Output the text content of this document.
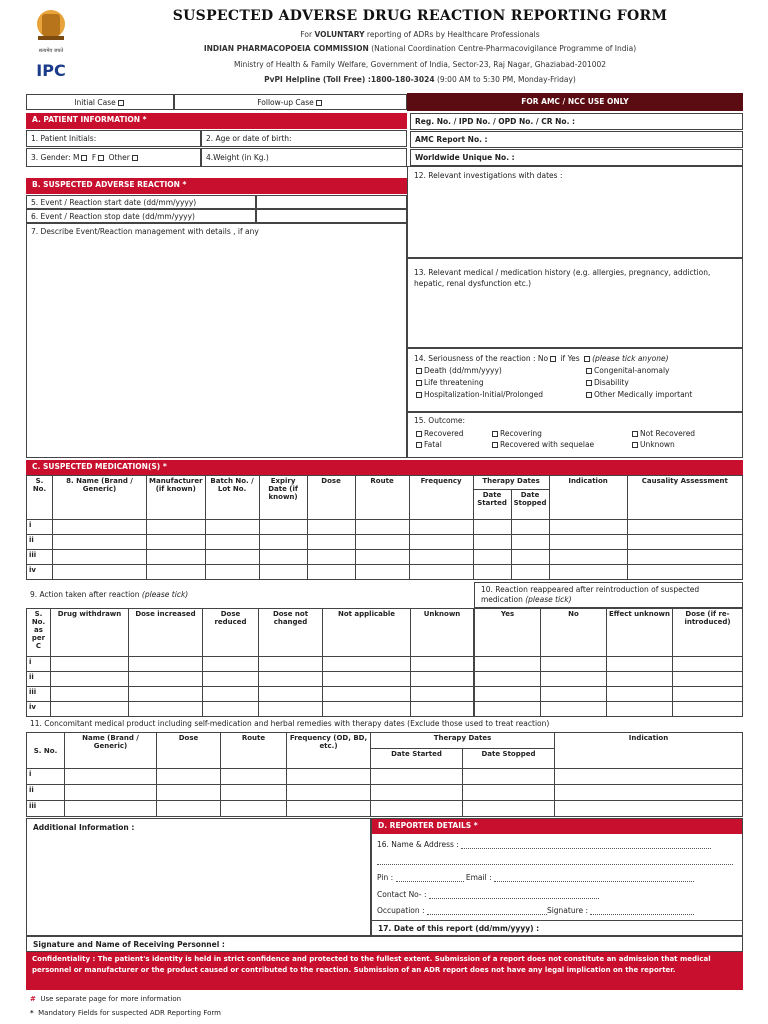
IPC
सत्यमेव जयते
SUSPECTED ADVERSE DRUG REACTION REPORTING FORM
For VOLUNTARY reporting of ADRs by Healthcare Professionals
INDIAN PHARMACOPOEIA COMMISSION (National Coordination Centre-Pharmacovigilance Programme of India)
Ministry of Health & Family Welfare, Government of India, Sector-23, Raj Nagar, Ghaziabad-201002
PvPI Helpline (Toll Free) :1800-180-3024 (9:00 AM to 5:30 PM, Monday-Friday)
Initial Case	Follow-up Case	FOR AMC / NCC USE ONLY
Reg. No. / IPD No. / OPD No. / CR No. :
AMC Report No. :
Worldwide Unique No. :
A. PATIENT INFORMATION *
1. Patient Initials:	2. Age or date of birth:
3. Gender: M F Other	4.Weight (in Kg.)
B. SUSPECTED ADVERSE REACTION *
5. Event / Reaction start date (dd/mm/yyyy)
6. Event / Reaction stop date (dd/mm/yyyy)
7. Describe Event/Reaction management with details , if any
12. Relevant investigations with dates :
13. Relevant medical / medication history (e.g. allergies, pregnancy, addiction, hepatic, renal dysfunction etc.)
14. Seriousness of the reaction : No if Yes (please tick anyone)
Death (dd/mm/yyyy)	Congenital-anomaly
Life threatening	Disability
Hospitalization-Initial/Prolonged	Other Medically important
15. Outcome:
Recovered	Recovering	Not Recovered
Fatal	Recovered with sequelae	Unknown
C. SUSPECTED MEDICATION(S) *
S. No.	8. Name (Brand / Generic)	Manufacturer (if known)	Batch No. / Lot No.	Expiry Date (if known)	Dose	Route	Frequency	Therapy Dates		Indication	Causality Assessment
								Date Started	Date Stopped		
i											
ii											
iii											
iv											
9. Action taken after reaction (please tick)
10. Reaction reappeared after reintroduction of suspected medication (please tick)
S. No. as per C	Drug withdrawn	Dose increased	Dose reduced	Dose not changed	Not applicable	Unknown
i						
ii						
iii						
iv						
Yes	No	Effect unknown	Dose (if re-introduced)

11. Concomitant medical product including self-medication and herbal remedies with therapy dates (Exclude those used to treat reaction)
S. No.	Name (Brand / Generic)	Dose	Route	Frequency (OD, BD, etc.)	Therapy Dates		Indication
					Date Started	Date Stopped	
i							
ii							
iii							
Additional Information :	D. REPORTER DETAILS *
16. Name & Address :
Pin :	Email :
Contact No- :
Occupation :	Signature :
17. Date of this report (dd/mm/yyyy) :
Signature and Name of Receiving Personnel :
Confidentiality : The patient's identity is held in strict confidence and protected to the fullest extent. Submission of a report does not constitute an admission that medical personnel or manufacturer or the product caused or contributed to the reaction. Submission of an ADR report does not have any legal implication on the reporter.
# Use separate page for more information
* Mandatory Fields for suspected ADR Reporting Form
